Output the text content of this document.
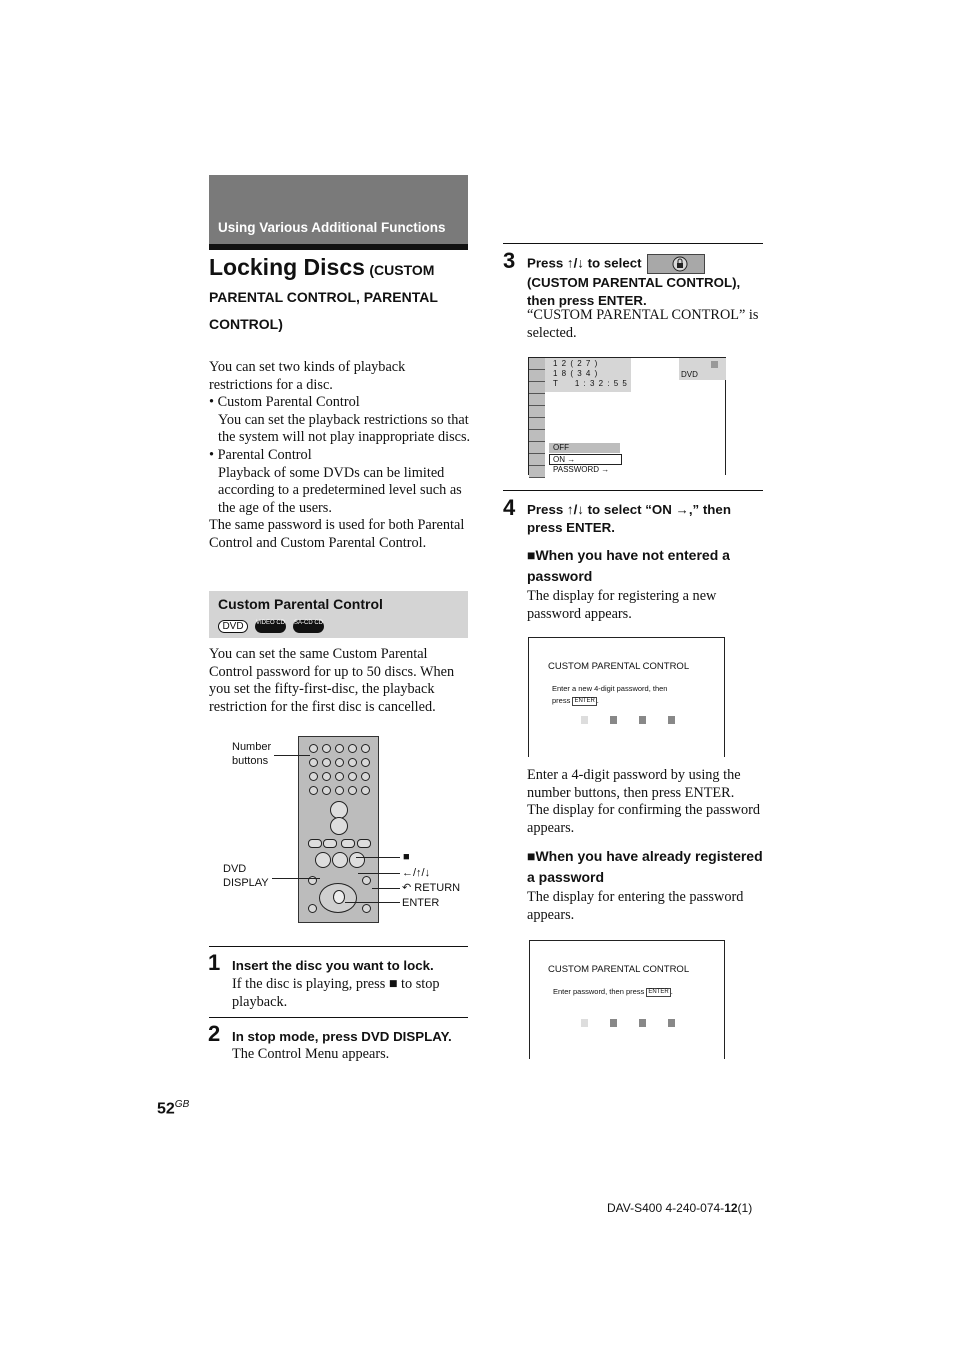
Using Various Additional Functions
Locking Discs (CUSTOM PARENTAL CONTROL, PARENTAL CONTROL)
You can set two kinds of playback restrictions for a disc.
• Custom Parental Control
You can set the playback restrictions so that the system will not play inappropriate discs.
• Parental Control
Playback of some DVDs can be limited according to a predetermined level such as the age of the users.
The same password is used for both Parental Control and Custom Parental Control.
Custom Parental Control
DVD	VIDEO CD SA-CD CD
You can set the same Custom Parental Control password for up to 50 discs. When you set the fifty-first-disc, the playback restriction for the first disc is cancelled.
Number
buttons
DVD
DISPLAY
■
←/↑/↓
↶ RETURN
ENTER
1 Insert the disc you want to lock.
If the disc is playing, press ■ to stop playback.
2 In stop mode, press DVD DISPLAY.
The Control Menu appears.
3 Press ↑/↓ to select
(CUSTOM PARENTAL CONTROL), then press ENTER.
“CUSTOM PARENTAL CONTROL” is selected.
1 2 ( 2 7 )
1 8 ( 3 4 )
T     1 : 3 2 : 5 5
DVD
OFF
ON →
PASSWORD →
4 Press ↑/↓ to select “ON →,” then press ENTER.
■When you have not entered a password
The display for registering a new password appears.
CUSTOM PARENTAL CONTROL
Enter a new 4-digit password, then
press ENTER .
Enter a 4-digit password by using the number buttons, then press ENTER.
The display for confirming the password appears.
■When you have already registered a password
The display for entering the password appears.
CUSTOM PARENTAL CONTROL
Enter password, then press ENTER .
$52^{GB}$
DAV-S400 4-240-074-12(1)
